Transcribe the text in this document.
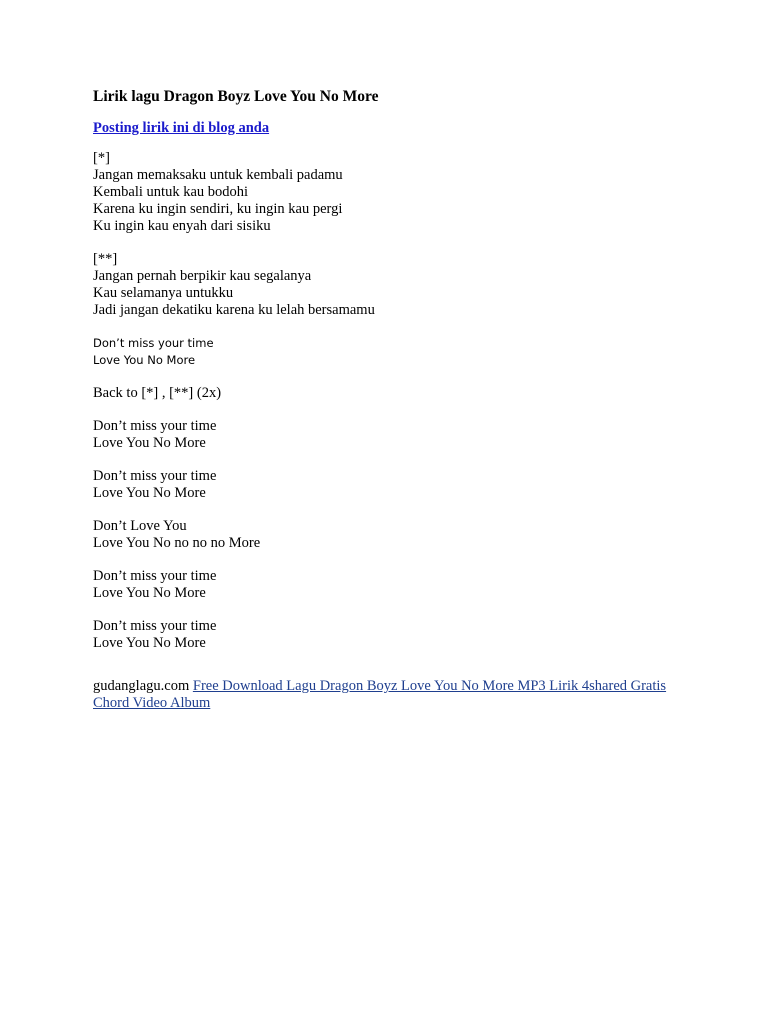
Lirik lagu Dragon Boyz Love You No More
Posting lirik ini di blog anda
[*]
Jangan memaksaku untuk kembali padamu
Kembali untuk kau bodohi
Karena ku ingin sendiri, ku ingin kau pergi
Ku ingin kau enyah dari sisiku
[**]
Jangan pernah berpikir kau segalanya
Kau selamanya untukku
Jadi jangan dekatiku karena ku lelah bersamamu
Don’t miss your time
Love You No More
Back to [*] , [**] (2x)
Don’t miss your time
Love You No More
Don’t miss your time
Love You No More
Don’t Love You
Love You No no no no More
Don’t miss your time
Love You No More
Don’t miss your time
Love You No More
gudanglagu.com Free Download Lagu Dragon Boyz Love You No More MP3 Lirik 4shared Gratis Chord Video Album
